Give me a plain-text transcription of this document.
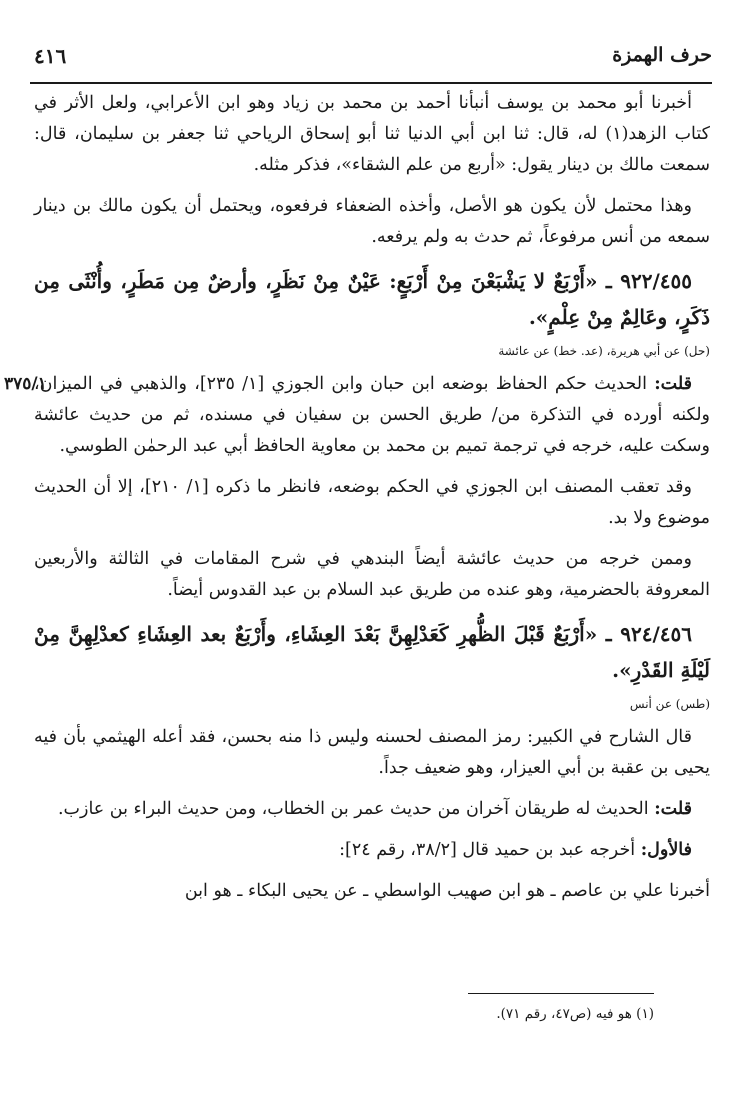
حرف الهمزة
٤١٦

أخبرنا أبو محمد بن يوسف أنبأنا أحمد بن محمد بن زياد وهو ابن الأعرابي، ولعل الأثر في كتاب الزهد(١) له، قال: ثنا ابن أبي الدنيا ثنا أبو إسحاق الرياحي ثنا جعفر بن سليمان، قال: سمعت مالك بن دينار يقول: «أربع من علم الشقاء»، فذكر مثله.

وهذا محتمل لأن يكون هو الأصل، وأخذه الضعفاء فرفعوه، ويحتمل أن يكون مالك بن دينار سمعه من أنس مرفوعاً، ثم حدث به ولم يرفعه.

٩٢٢/٤٥٥ ـ «أَرْبَعٌ لا يَشْبَعْنَ مِنْ أَرْبَعٍ: عَيْنٌ مِنْ نَظَرٍ، وأرضٌ مِن مَطَرٍ، وأُنْثَى مِن ذَكَرٍ، وعَالِمٌ مِنْ عِلْمٍ».

(حل) عن أبي هريرة، (عد. خط) عن عائشة

قلت: الحديث حكم الحفاظ بوضعه ابن حبان وابن الجوزي [١/ ٢٣٥]، والذهبي في الميزان، ولكنه أورده في التذكرة من/ طريق الحسن بن سفيان في مسنده، ثم من حديث عائشة وسكت عليه، خرجه في ترجمة تميم بن محمد بن معاوية الحافظ أبي عبد الرحمٰن الطوسي.
٣٧٥/١

وقد تعقب المصنف ابن الجوزي في الحكم بوضعه، فانظر ما ذكره [١/ ٢١٠]، إلا أن الحديث موضوع ولا بد.

وممن خرجه من حديث عائشة أيضاً البندهي في شرح المقامات في الثالثة والأربعين المعروفة بالحضرمية، وهو عنده من طريق عبد السلام بن عبد القدوس أيضاً.

٩٢٤/٤٥٦ ـ «أَرْبَعٌ قَبْلَ الظُّهرِ كَعَدْلِهِنَّ بَعْدَ العِشَاءِ، وأَرْبَعٌ بعد العِشَاءِ كعدْلِهِنَّ مِنْ لَيْلَةِ القَدْرِ».

(طس) عن أنس

قال الشارح في الكبير: رمز المصنف لحسنه وليس ذا منه بحسن، فقد أعله الهيثمي بأن فيه يحيى بن عقبة بن أبي العيزار، وهو ضعيف جداً.

قلت: الحديث له طريقان آخران من حديث عمر بن الخطاب، ومن حديث البراء بن عازب.

فالأول: أخرجه عبد بن حميد قال [٣٨/٢، رقم ٢٤]:

أخبرنا علي بن عاصم ـ هو ابن صهيب الواسطي ـ عن يحيى البكاء ـ هو ابن

(١) هو فيه (ص٤٧، رقم ٧١).
